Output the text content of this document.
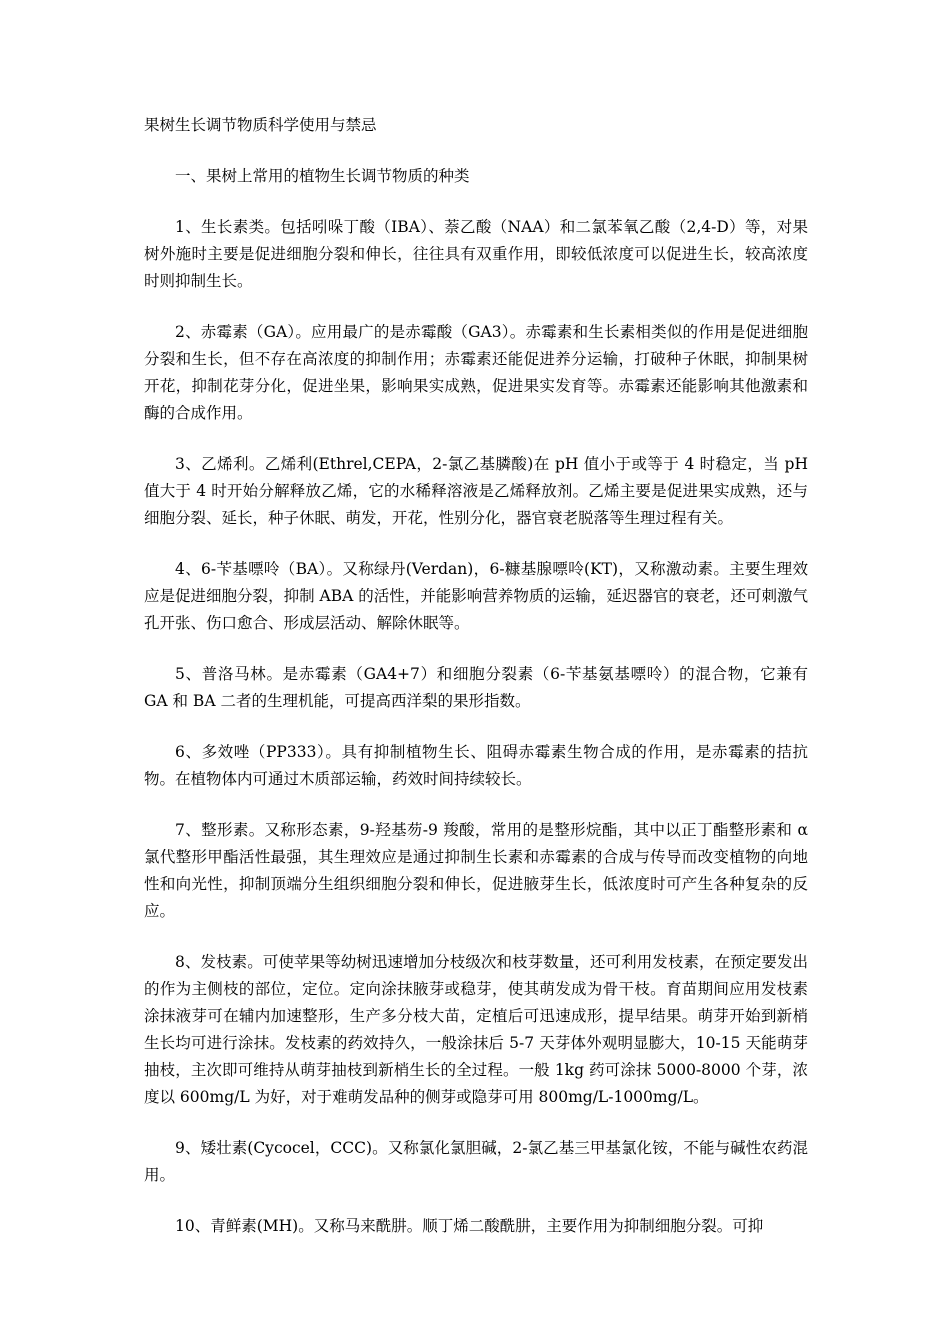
果树生长调节物质科学使用与禁忌

一、果树上常用的植物生长调节物质的种类

1、生长素类。包括吲哚丁酸（IBA）、萘乙酸（NAA）和二氯苯氧乙酸（2,4-D）等，对果树外施时主要是促进细胞分裂和伸长，往往具有双重作用，即较低浓度可以促进生长，较高浓度时则抑制生长。

2、赤霉素（GA）。应用最广的是赤霉酸（GA3）。赤霉素和生长素相类似的作用是促进细胞分裂和生长，但不存在高浓度的抑制作用；赤霉素还能促进养分运输，打破种子休眠，抑制果树开花，抑制花芽分化，促进坐果，影响果实成熟，促进果实发育等。赤霉素还能影响其他激素和酶的合成作用。

3、乙烯利。乙烯利(Ethrel,CEPA，2-氯乙基膦酸)在 pH 值小于或等于 4 时稳定，当 pH 值大于 4 时开始分解释放乙烯，它的水稀释溶液是乙烯释放剂。乙烯主要是促进果实成熟，还与细胞分裂、延长，种子休眠、萌发，开花，性别分化，器官衰老脱落等生理过程有关。

4、6-苄基嘌呤（BA）。又称绿丹(Verdan)，6-糠基腺嘌呤(KT)，又称激动素。主要生理效应是促进细胞分裂，抑制 ABA 的活性，并能影响营养物质的运输，延迟器官的衰老，还可刺激气孔开张、伤口愈合、形成层活动、解除休眠等。

5、普洛马林。是赤霉素（GA4+7）和细胞分裂素（6-苄基氨基嘌呤）的混合物，它兼有 GA 和 BA 二者的生理机能，可提高西洋梨的果形指数。

6、多效唑（PP333）。具有抑制植物生长、阻碍赤霉素生物合成的作用，是赤霉素的拮抗物。在植物体内可通过木质部运输，药效时间持续较长。

7、整形素。又称形态素，9-羟基芴-9 羧酸，常用的是整形烷酯，其中以正丁酯整形素和 α 氯代整形甲酯活性最强，其生理效应是通过抑制生长素和赤霉素的合成与传导而改变植物的向地性和向光性，抑制顶端分生组织细胞分裂和伸长，促进腋芽生长，低浓度时可产生各种复杂的反应。

8、发枝素。可使苹果等幼树迅速增加分枝级次和枝芽数量，还可利用发枝素，在预定要发出的作为主侧枝的部位，定位。定向涂抹腋芽或稳芽，使其萌发成为骨干枝。育苗期间应用发枝素涂抹液芽可在辅内加速整形，生产多分枝大苗，定植后可迅速成形，提早结果。萌芽开始到新梢生长均可进行涂抹。发枝素的药效持久，一般涂抹后 5-7 天芽体外观明显膨大，10-15 天能萌芽抽枝，主次即可维持从萌芽抽枝到新梢生长的全过程。一般 1kg 药可涂抹 5000-8000 个芽，浓度以 600mg/L 为好，对于难萌发品种的侧芽或隐芽可用 800mg/L-1000mg/L。

9、矮壮素(Cycocel，CCC)。又称氯化氯胆碱，2-氯乙基三甲基氯化铵，不能与碱性农药混用。

10、青鲜素(MH)。又称马来酰肼。顺丁烯二酸酰肼，主要作用为抑制细胞分裂。可抑
